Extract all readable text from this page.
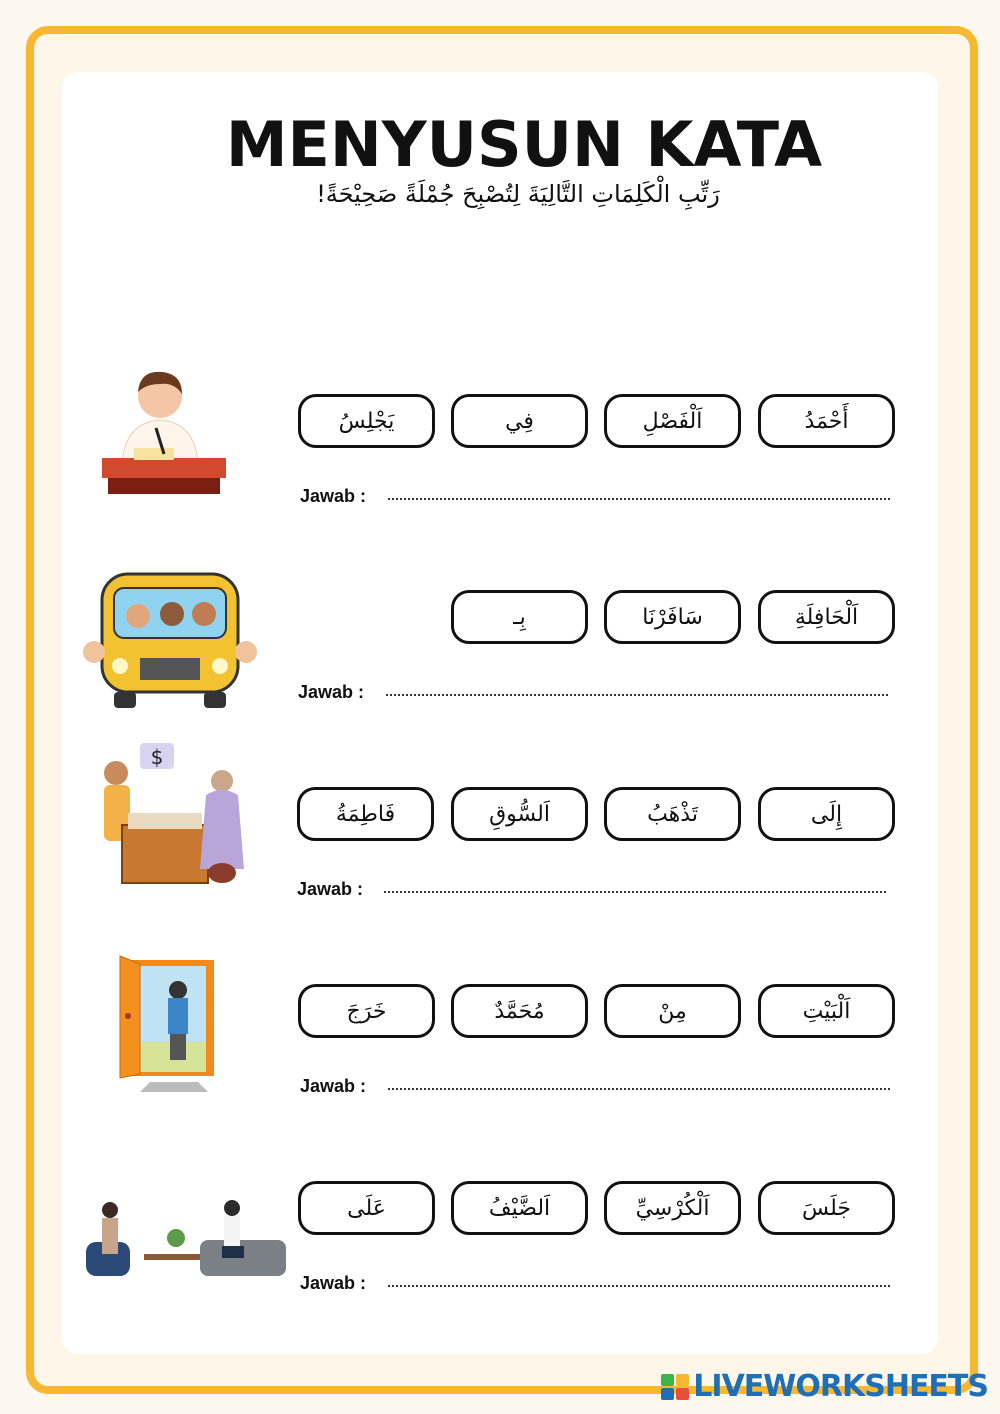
MENYUSUN KATA
رَتِّبِ الْكَلِمَاتِ التَّالِيَةَ لِتُصْبِحَ جُمْلَةً صَحِيْحَةً!
أَحْمَدُ
اَلْفَصْلِ
فِي
يَجْلِسُ
Jawab :
اَلْحَافِلَةِ
سَافَرْنَا
بِـ
Jawab :
$
إِلَى
تَذْهَبُ
اَلسُّوقِ
فَاطِمَةُ
Jawab :
اَلْبَيْتِ
مِنْ
مُحَمَّدٌ
خَرَجَ
Jawab :
جَلَسَ
اَلْكُرْسِيِّ
اَلضَّيْفُ
عَلَى
Jawab :
LIVEWORKSHEETS
